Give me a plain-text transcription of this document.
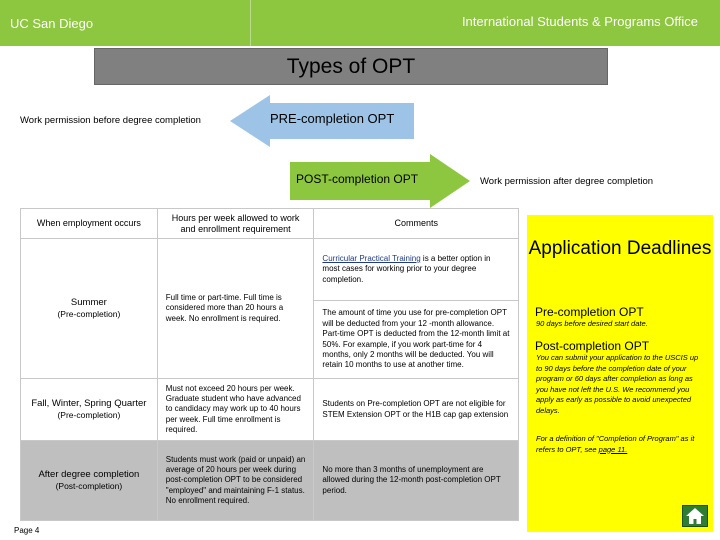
UC San Diego	International Students & Programs Office
Types of OPT
Work permission before degree completion	PRE-completion OPT
POST-completion OPT	Work permission after degree completion
When employment occurs	Hours per week allowed to work and enrollment requirement	Comments

Summer
(Pre-completion)	Full time or part-time. Full time is considered more than 20 hours a week. No enrollment is required.	Curricular Practical Training is a better option in most cases for working prior to your degree completion.
		The amount of time you use for pre-completion OPT will be deducted from your 12 -month allowance. Part-time OPT is deducted from the 12-month limit at 50%. For example, if you work part-time for 4 months, only 2 months will be deducted. You will retain 10 months to use at another time.

Fall, Winter, Spring Quarter
(Pre-completion)	Must not exceed 20 hours per week. Graduate student who have advanced to candidacy may work up to 40 hours per week. Full time enrollment is required.	Students on Pre-completion OPT are not eligible for STEM Extension OPT or the H1B cap gap extension

After degree completion
(Post-completion)	Students must work (paid or unpaid) an average of 20 hours per week during post-completion OPT to be considered "employed" and maintaining F-1 status. No enrollment required.	No more than 3 months of unemployment are allowed during the 12-month post-completion OPT period.
Application Deadlines
Pre-completion OPT
90 days before desired start date.
Post-completion OPT
You can submit your application to the USCIS up to 90 days before the completion date of your program or 60 days after completion as long as you have not left the U.S. We recommend you apply as early as possible to avoid unexpected delays.
For a definition of "Completion of Program" as it refers to OPT, see page 11.
Page 4
